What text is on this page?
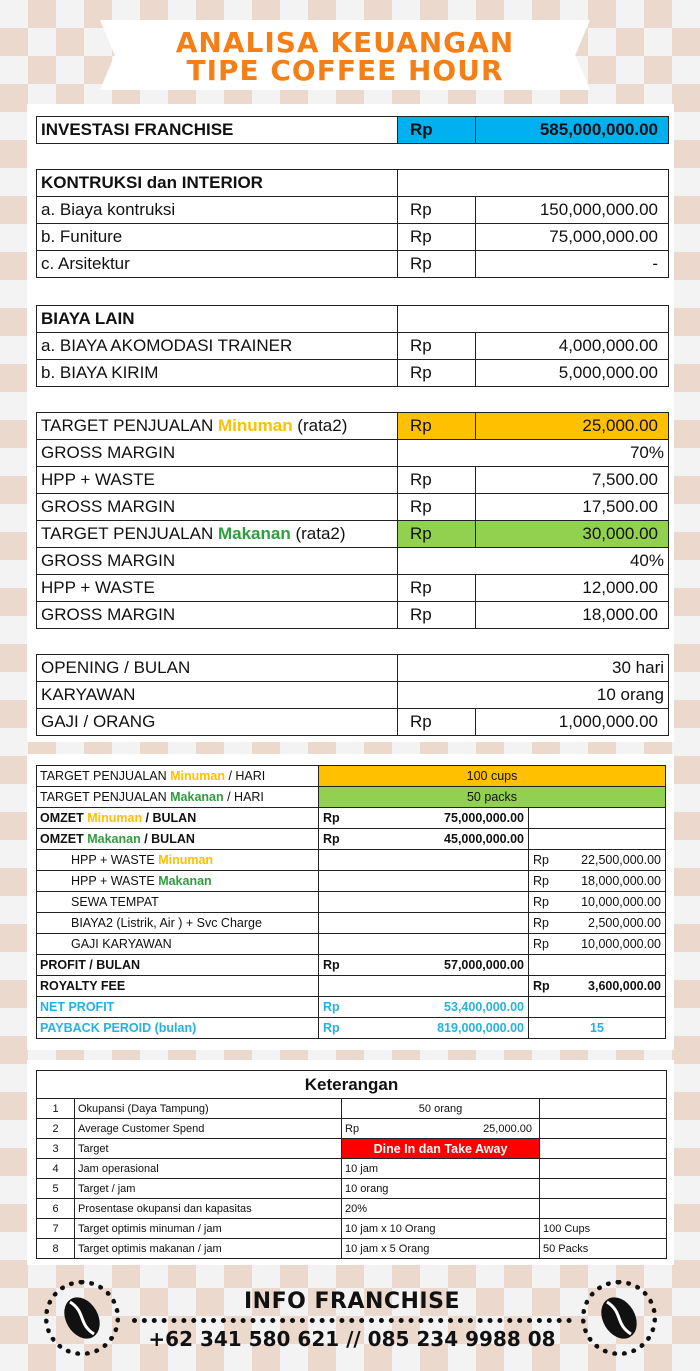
ANALISA KEUANGAN
TIPE COFFEE HOUR
INVESTASI FRANCHISE	Rp	585,000,000.00
KONTRUKSI dan INTERIOR		
a. Biaya kontruksi	Rp	150,000,000.00
b. Funiture	Rp	75,000,000.00
c. Arsitektur	Rp	-
BIAYA LAIN		
a. BIAYA AKOMODASI TRAINER	Rp	4,000,000.00
b. BIAYA KIRIM	Rp	5,000,000.00
TARGET PENJUALAN Minuman (rata2)	Rp	25,000.00
GROSS MARGIN	70%	
HPP + WASTE	Rp	7,500.00
GROSS MARGIN	Rp	17,500.00
TARGET PENJUALAN Makanan (rata2)	Rp	30,000.00
GROSS MARGIN	40%	
HPP + WASTE	Rp	12,000.00
GROSS MARGIN	Rp	18,000.00
OPENING / BULAN	30 hari	
KARYAWAN	10 orang	
GAJI / ORANG	Rp	1,000,000.00
TARGET PENJUALAN Minuman / HARI	100 cups	
TARGET PENJUALAN Makanan / HARI	50 packs	
OMZET Minuman / BULAN	Rp 75,000,000.00	

OMZET Makanan / BULAN	Rp 45,000,000.00	

HPP + WASTE Minuman		Rp 22,500,000.00

HPP + WASTE Makanan		Rp 18,000,000.00

SEWA TEMPAT		Rp 10,000,000.00

BIAYA2 (Listrik, Air ) + Svc Charge		Rp 2,500,000.00

GAJI KARYAWAN		Rp 10,000,000.00

PROFIT / BULAN	Rp 57,000,000.00	

ROYALTY FEE		Rp 3,600,000.00

NET PROFIT	Rp 53,400,000.00	

PAYBACK PEROID (bulan)	Rp 819,000,000.00	15
Keterangan			
1	Okupansi (Daya Tampung)	50 orang	
2	Average Customer Spend	Rp 25,000.00	

3	Target	Dine In dan Take Away	
4	Jam operasional	10 jam	
5	Target / jam	10 orang	
6	Prosentase okupansi dan kapasitas	20%	
7	Target optimis minuman / jam	10 jam x 10 Orang	100 Cups
8	Target optimis makanan / jam	10 jam x 5 Orang	50 Packs
INFO FRANCHISE
+62 341 580 621 // 085 234 9988 08
